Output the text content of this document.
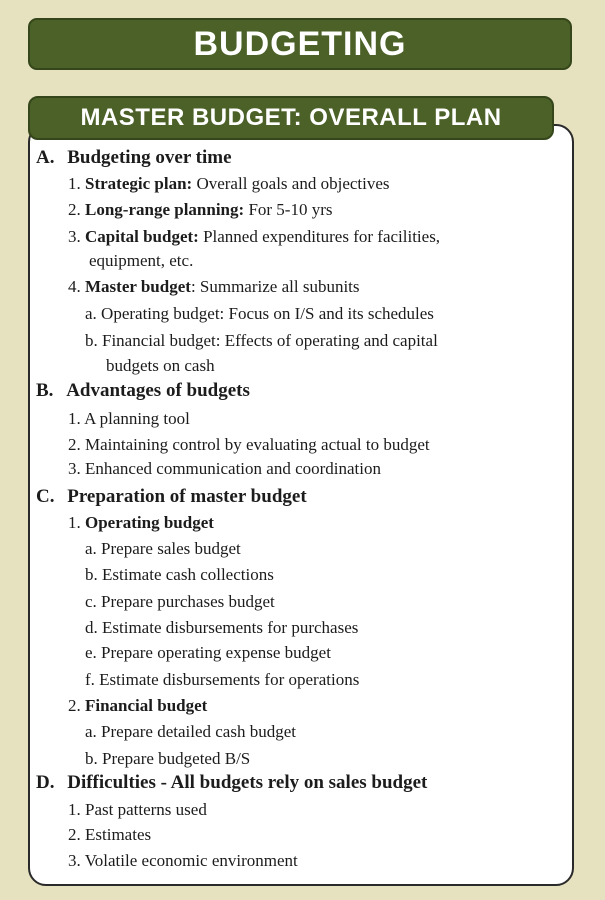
BUDGETING
MASTER BUDGET: OVERALL PLAN
A. Budgeting over time
1. Strategic plan: Overall goals and objectives
2. Long-range planning: For 5-10 yrs
3. Capital budget: Planned expenditures for facilities,
equipment, etc.
4. Master budget: Summarize all subunits
a. Operating budget: Focus on I/S and its schedules
b. Financial budget: Effects of operating and capital
budgets on cash
B. Advantages of budgets
1. A planning tool
2. Maintaining control by evaluating actual to budget
3. Enhanced communication and coordination
C. Preparation of master budget
1. Operating budget
a. Prepare sales budget
b. Estimate cash collections
c. Prepare purchases budget
d. Estimate disbursements for purchases
e. Prepare operating expense budget
f. Estimate disbursements for operations
2. Financial budget
a. Prepare detailed cash budget
b. Prepare budgeted B/S
D. Difficulties - All budgets rely on sales budget
1. Past patterns used
2. Estimates
3. Volatile economic environment
